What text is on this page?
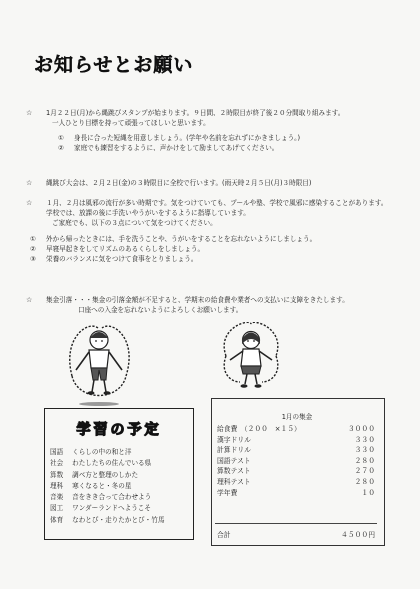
お知らせとお願い
☆ 1月２２日(月)から縄跳びスタンプが始まります。９日間、２時限目が終了後２０分間取り組みます。
一人ひとり目標を持って頑張ってほしいと思います。
① 身長に合った短縄を用意しましょう。(学年や名前を忘れずにかきましょう。)
② 家庭でも練習をするように、声かけをして励ましてあげてください。
☆ 縄跳び大会は、２月２日(金)の３時限目に全校で行います。(雨天時２月５日(月)３時限目)
☆ １月、２月は風邪の流行が多い時期です。気をつけていても、プールや塾、学校で風邪に感染することがあります。学校では、放課の後に手洗いやうがいをするように指導しています。
ご家庭でも、以下の３点について気をつけてください。
① 外から帰ったときには、手を洗うことや、うがいをすることを忘れないようにしましょう。
② 早寝早起きをしてリズムのあるくらしをしましょう。
③ 栄養のバランスに気をつけて食事をとりましょう。
☆ 集金引落・・・集金の引落金額が不足すると、学期末の給食費や業者への支払いに支障をきたします。
口座への入金を忘れないようによろしくお願いします。
学習の予定
国語 くらしの中の和と洋
社会 わたしたちの住んでいる県
算数 調べ方と整理のしかた
理科 寒くなると・冬の星
音楽 音をきき合って合わせよう
図工 ワンダーランドへようこそ
体育 なわとび・走りたかとび・竹馬
1月の集金
給食費　（２００　×１５）	３０００
漢字ドリル	３３０
計算ドリル	３３０
国語テスト	２８０
算数テスト	２７０
理科テスト	２８０
学年費	１０
合計	４５００円
